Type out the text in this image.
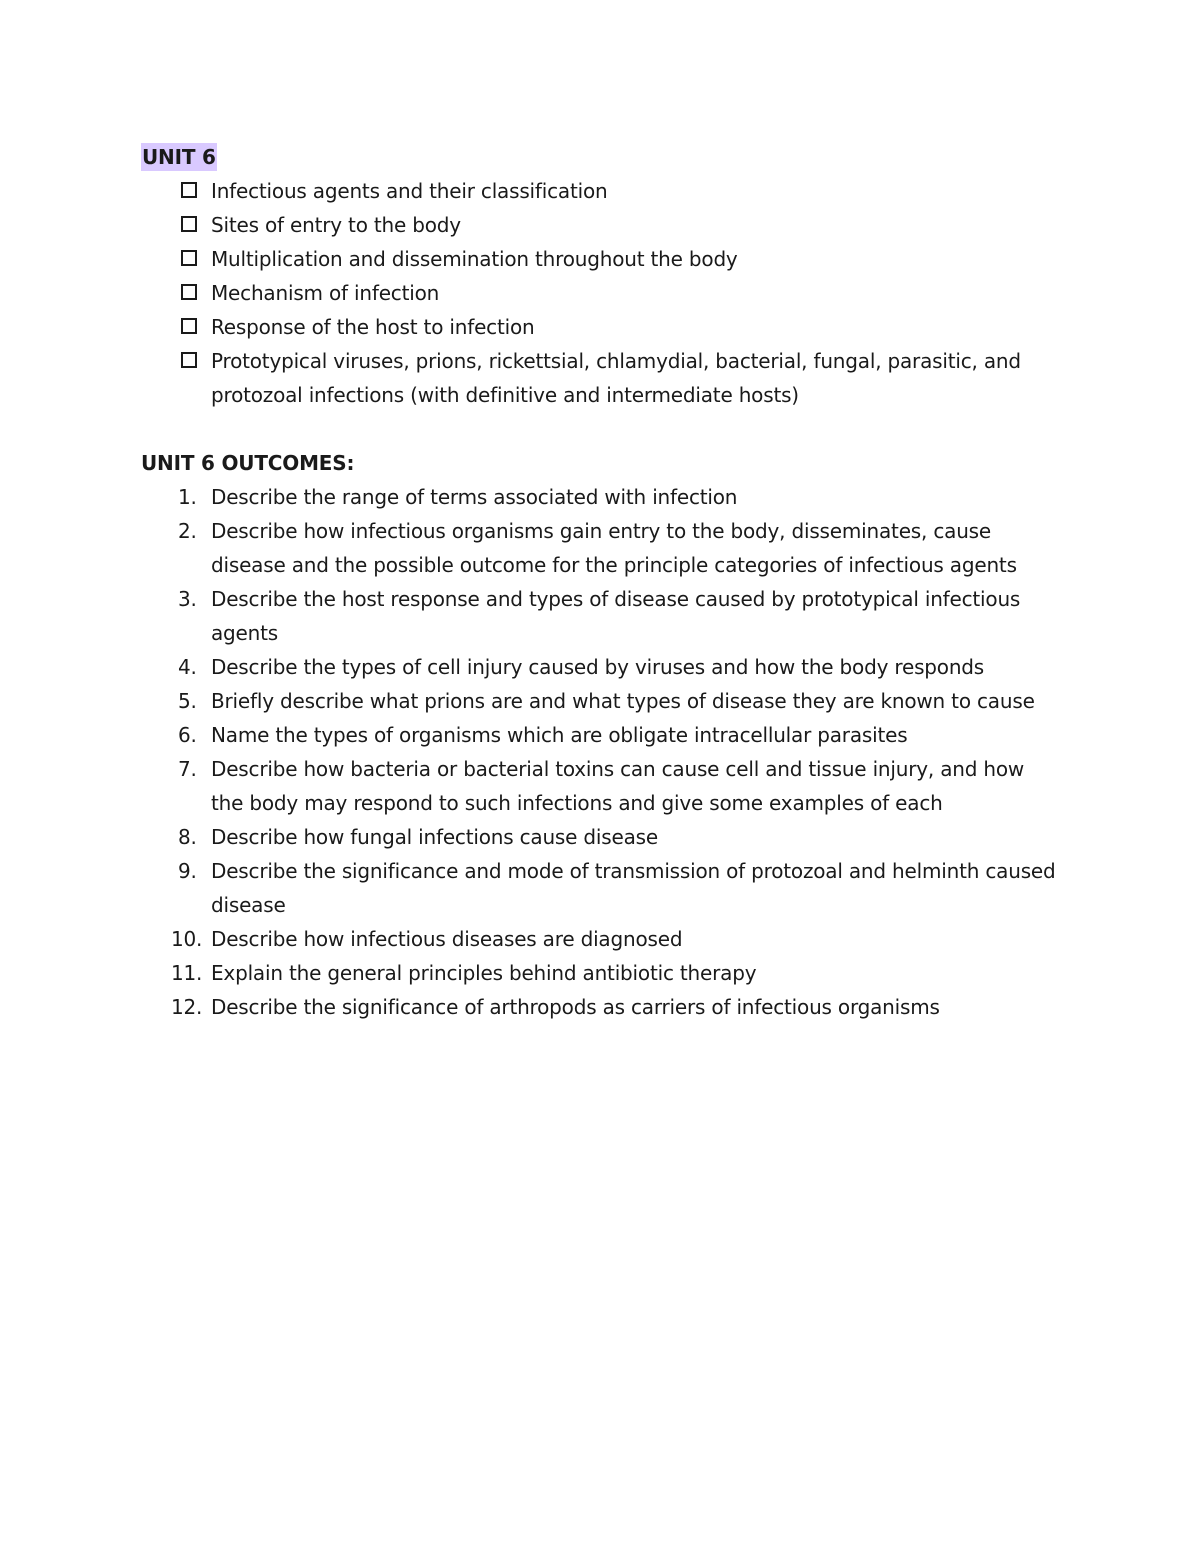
UNIT 6
Infectious agents and their classification
Sites of entry to the body
Multiplication and dissemination throughout the body
Mechanism of infection
Response of the host to infection
Prototypical viruses, prions, rickettsial, chlamydial, bacterial, fungal, parasitic, and protozoal infections (with definitive and intermediate hosts)
UNIT 6 OUTCOMES:
1. Describe the range of terms associated with infection
2. Describe how infectious organisms gain entry to the body, disseminates, cause disease and the possible outcome for the principle categories of infectious agents
3. Describe the host response and types of disease caused by prototypical infectious agents
4. Describe the types of cell injury caused by viruses and how the body responds
5. Briefly describe what prions are and what types of disease they are known to cause
6. Name the types of organisms which are obligate intracellular parasites
7. Describe how bacteria or bacterial toxins can cause cell and tissue injury, and how the body may respond to such infections and give some examples of each
8. Describe how fungal infections cause disease
9. Describe the significance and mode of transmission of protozoal and helminth caused disease
10. Describe how infectious diseases are diagnosed
11. Explain the general principles behind antibiotic therapy
12. Describe the significance of arthropods as carriers of infectious organisms
